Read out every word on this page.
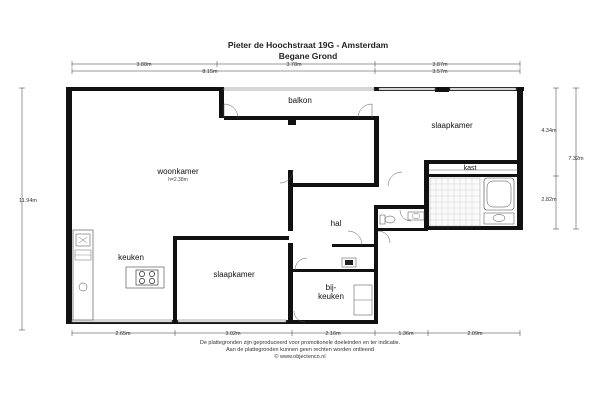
Pieter de Hoochstraat 19G - Amsterdam
Begane Grond
3.88m	3.78m	3.87m
8.15m	3.57m
11.94m
4.34m
2.82m
7.32m
2.65m	3.02m	2.16m	1.36m	2.09m
balkon
slaapkamer
kast
woonkamer
h=2.38m
hal
keuken
slaapkamer
bij-
keuken
De plattegronden zijn geproduceerd voor promotionele doeleinden en ter indicatie.
Aan de plattegronden kunnen geen rechten worden ontleend
© www.objectenco.nl
